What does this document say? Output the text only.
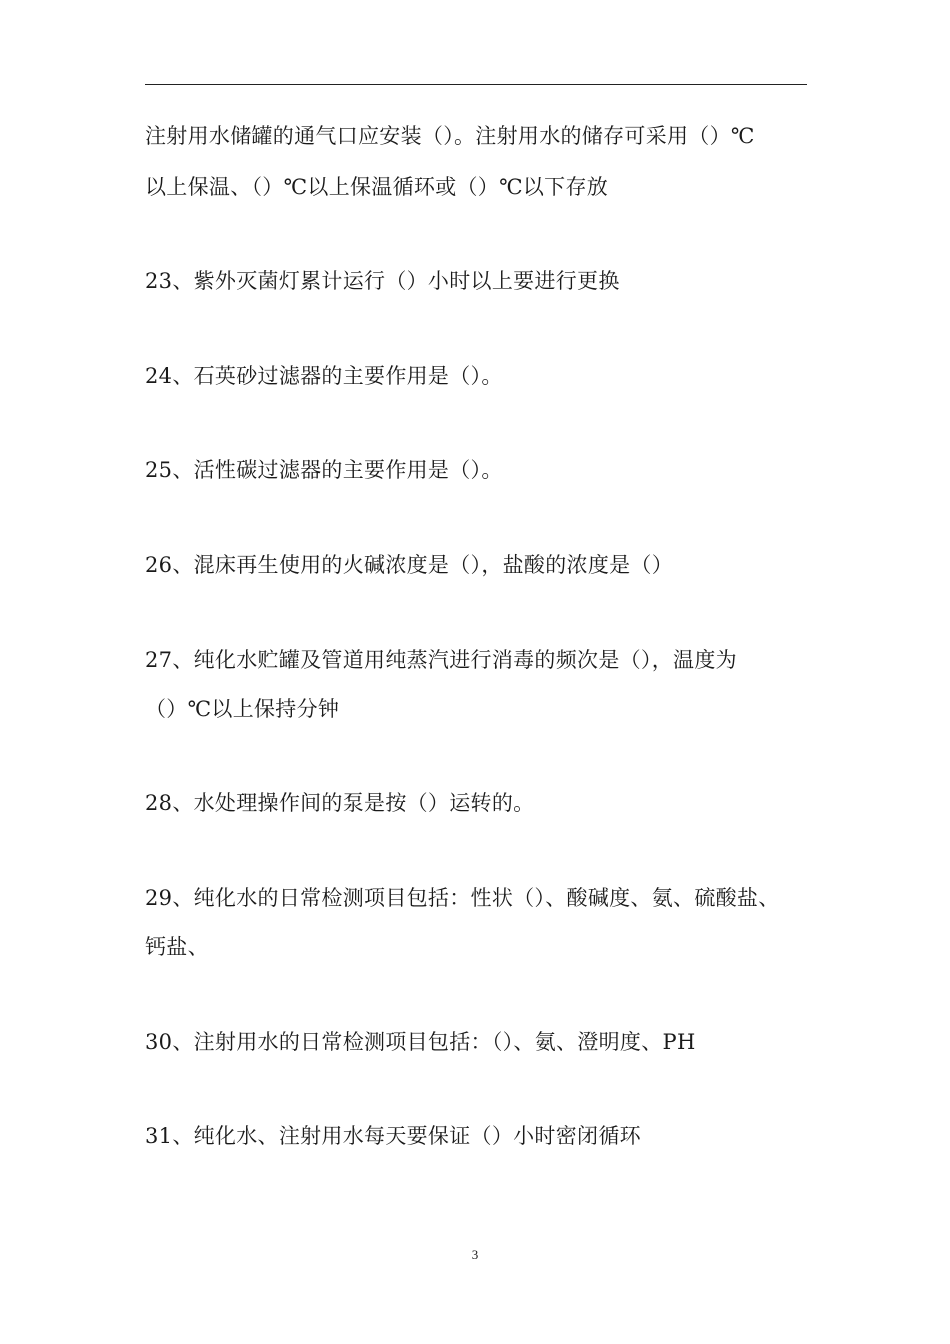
注射用水储罐的通气口应安装（）。注射用水的储存可采用（）℃
以上保温、（）℃以上保温循环或（）℃以下存放
23、紫外灭菌灯累计运行（）小时以上要进行更换
24、石英砂过滤器的主要作用是（）。
25、活性碳过滤器的主要作用是（）。
26、混床再生使用的火碱浓度是（），盐酸的浓度是（）
27、纯化水贮罐及管道用纯蒸汽进行消毒的频次是（），温度为
（）℃以上保持分钟
28、水处理操作间的泵是按（）运转的。
29、纯化水的日常检测项目包括：性状（）、酸碱度、氨、硫酸盐、
钙盐、
30、注射用水的日常检测项目包括：（）、氨、澄明度、PH
31、纯化水、注射用水每天要保证（）小时密闭循环
3
